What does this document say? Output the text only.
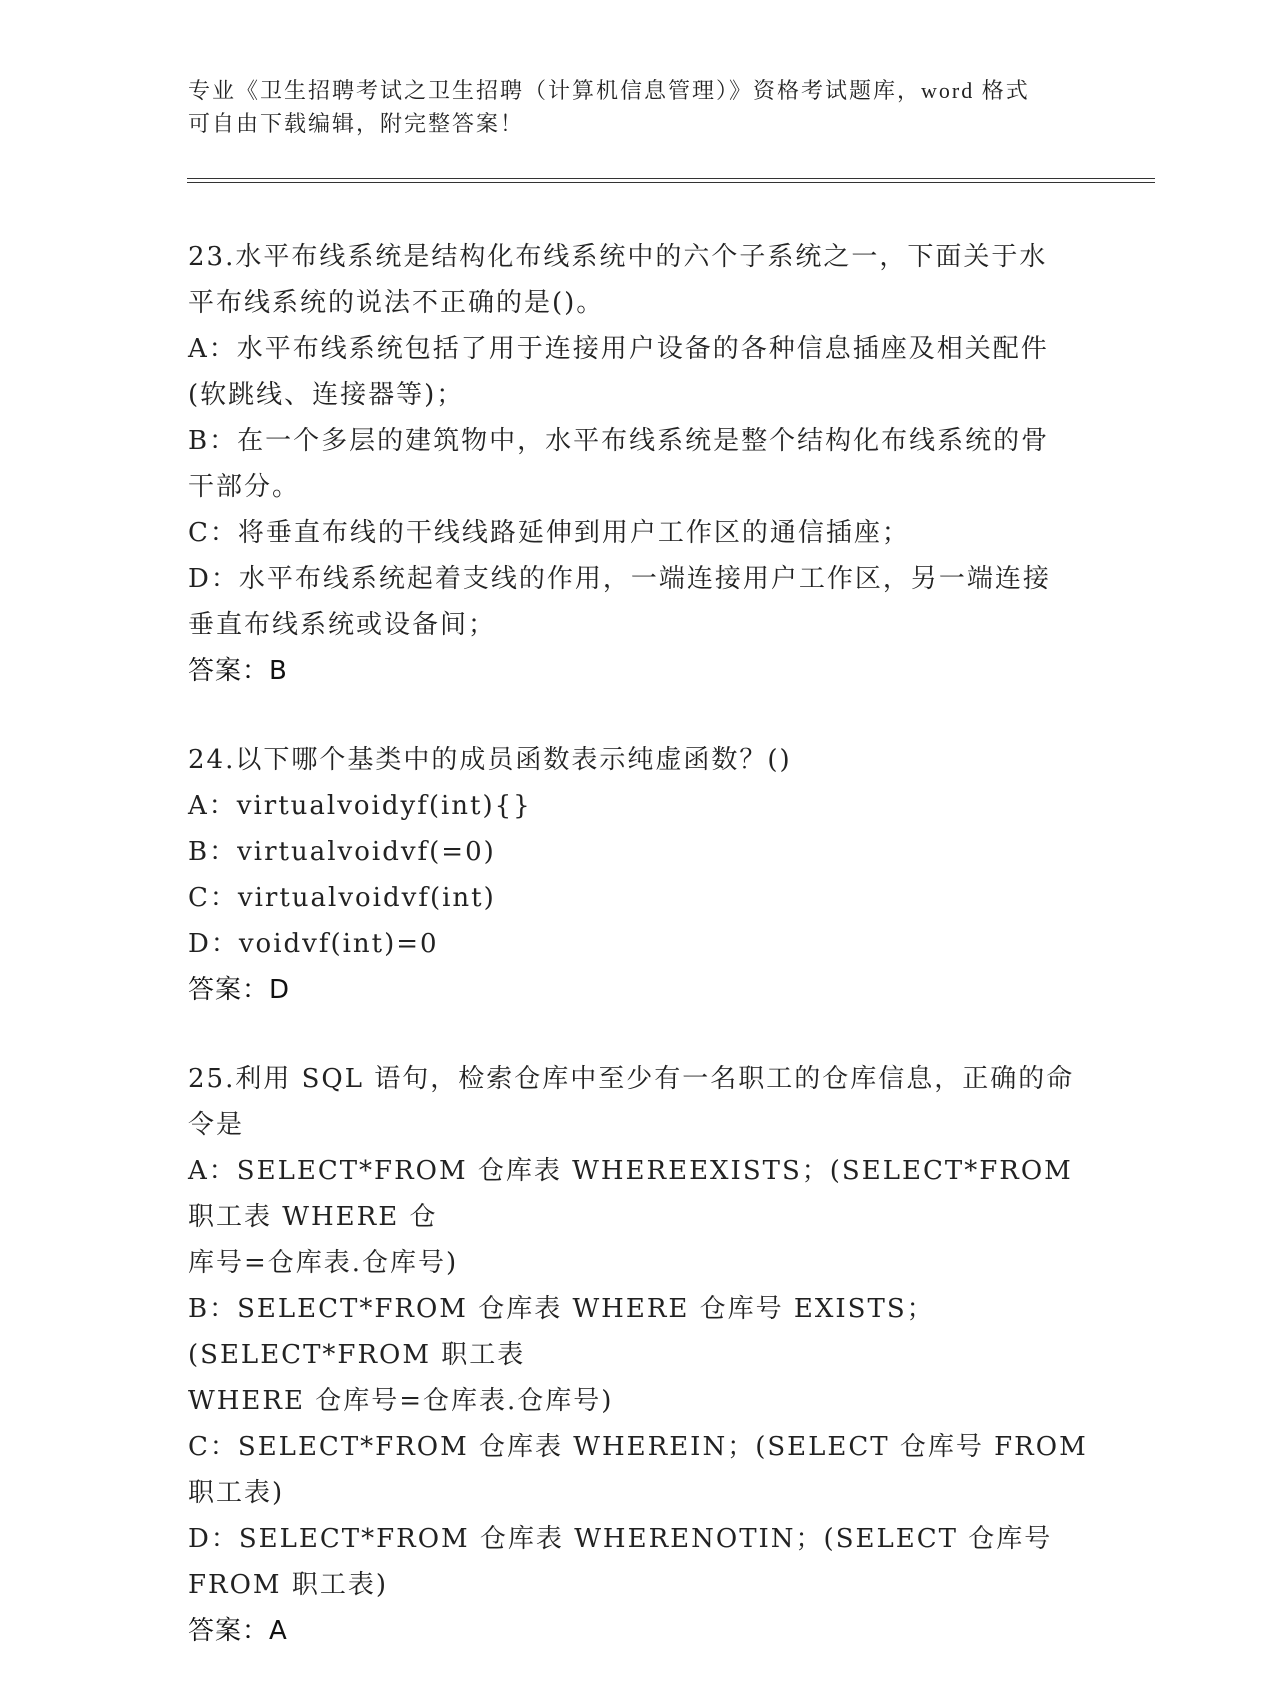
专业《卫生招聘考试之卫生招聘（计算机信息管理）》资格考试题库，word 格式
可自由下载编辑，附完整答案！

23.水平布线系统是结构化布线系统中的六个子系统之一，下面关于水

平布线系统的说法不正确的是()。

A：水平布线系统包括了用于连接用户设备的各种信息插座及相关配件

(软跳线、连接器等)；

B：在一个多层的建筑物中，水平布线系统是整个结构化布线系统的骨

干部分。

C：将垂直布线的干线线路延伸到用户工作区的通信插座；

D：水平布线系统起着支线的作用，一端连接用户工作区，另一端连接

垂直布线系统或设备间；

答案：B

24.以下哪个基类中的成员函数表示纯虚函数？()

A：virtualvoidyf(int){}

B：virtualvoidvf(=0)

C：virtualvoidvf(int)

D：voidvf(int)=0

答案：D

25.利用 SQL 语句，检索仓库中至少有一名职工的仓库信息，正确的命

令是

A：SELECT*FROM 仓库表 WHEREEXISTS；(SELECT*FROM 职工表 WHERE 仓

库号=仓库表.仓库号)

B：SELECT*FROM 仓库表 WHERE 仓库号 EXISTS；(SELECT*FROM 职工表

WHERE 仓库号=仓库表.仓库号)

C：SELECT*FROM 仓库表 WHEREIN；(SELECT 仓库号 FROM 职工表)

D：SELECT*FROM 仓库表 WHERENOTIN；(SELECT 仓库号 FROM 职工表)

答案：A
